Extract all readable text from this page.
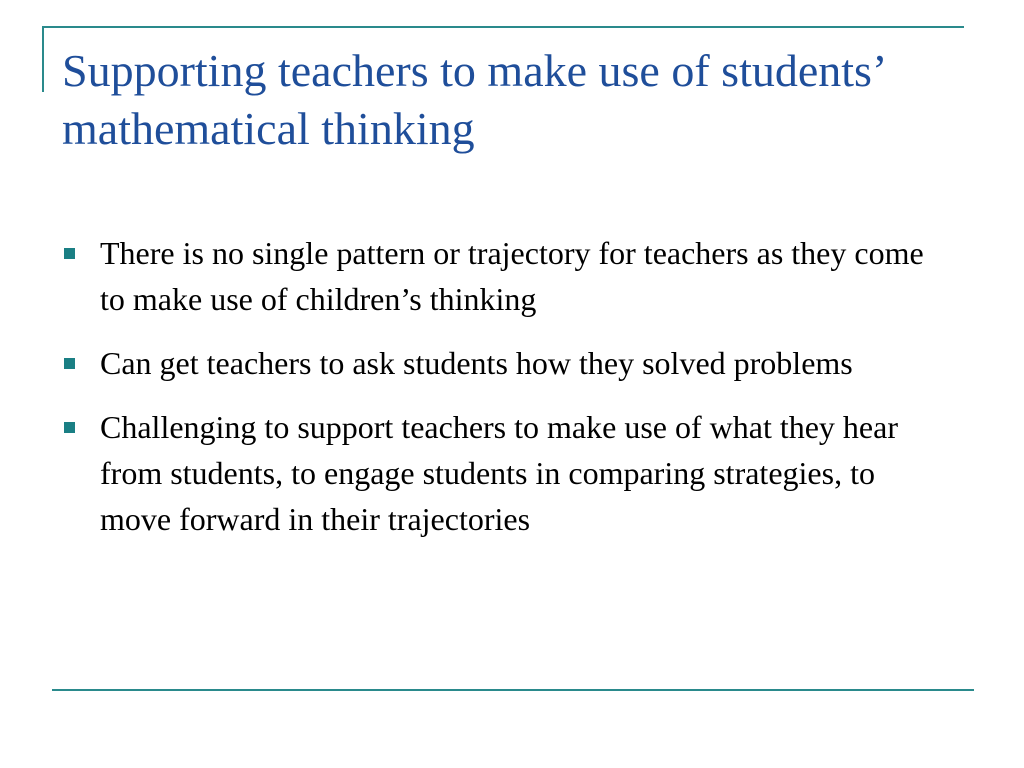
Supporting teachers to make use of students’ mathematical thinking
There is no single pattern or trajectory for teachers as they come to make use of children’s thinking
Can get teachers to ask students how they solved problems
Challenging to support teachers to make use of what they hear from students, to engage students in comparing strategies, to move forward in their trajectories
